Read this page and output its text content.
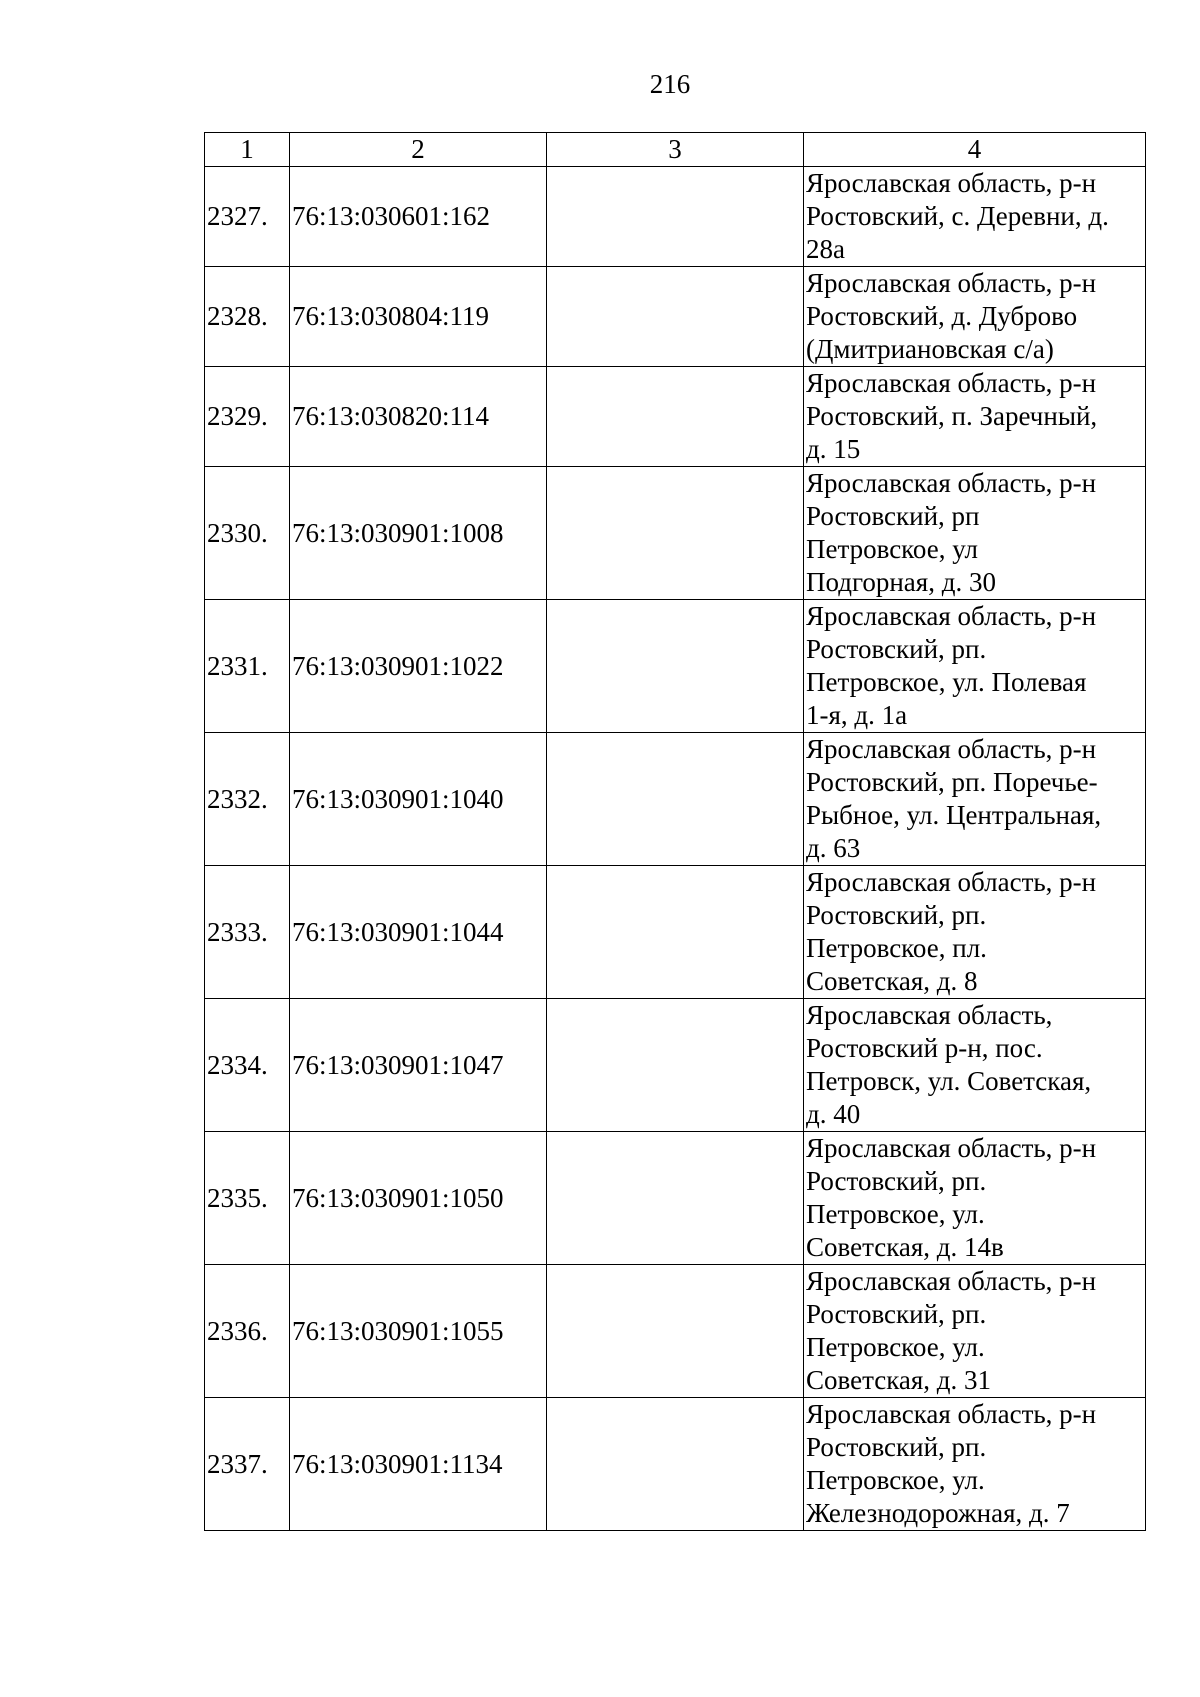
216
1	2	3	4
2327.	76:13:030601:162		Ярославская область, р-н
Ростовский, с. Деревни, д.
28а
2328.	76:13:030804:119		Ярославская область, р-н
Ростовский, д. Дуброво
(Дмитриановская с/а)
2329.	76:13:030820:114		Ярославская область, р-н
Ростовский, п. Заречный,
д. 15
2330.	76:13:030901:1008		Ярославская область, р-н
Ростовский, рп
Петровское, ул
Подгорная, д. 30
2331.	76:13:030901:1022		Ярославская область, р-н
Ростовский, рп.
Петровское, ул. Полевая
1-я, д. 1а
2332.	76:13:030901:1040		Ярославская область, р-н
Ростовский, рп. Поречье-
Рыбное, ул. Центральная,
д. 63
2333.	76:13:030901:1044		Ярославская область, р-н
Ростовский, рп.
Петровское, пл.
Советская, д. 8
2334.	76:13:030901:1047		Ярославская область,
Ростовский р-н, пос.
Петровск, ул. Советская,
д. 40
2335.	76:13:030901:1050		Ярославская область, р-н
Ростовский, рп.
Петровское, ул.
Советская, д. 14в
2336.	76:13:030901:1055		Ярославская область, р-н
Ростовский, рп.
Петровское, ул.
Советская, д. 31
2337.	76:13:030901:1134		Ярославская область, р-н
Ростовский, рп.
Петровское, ул.
Железнодорожная, д. 7
